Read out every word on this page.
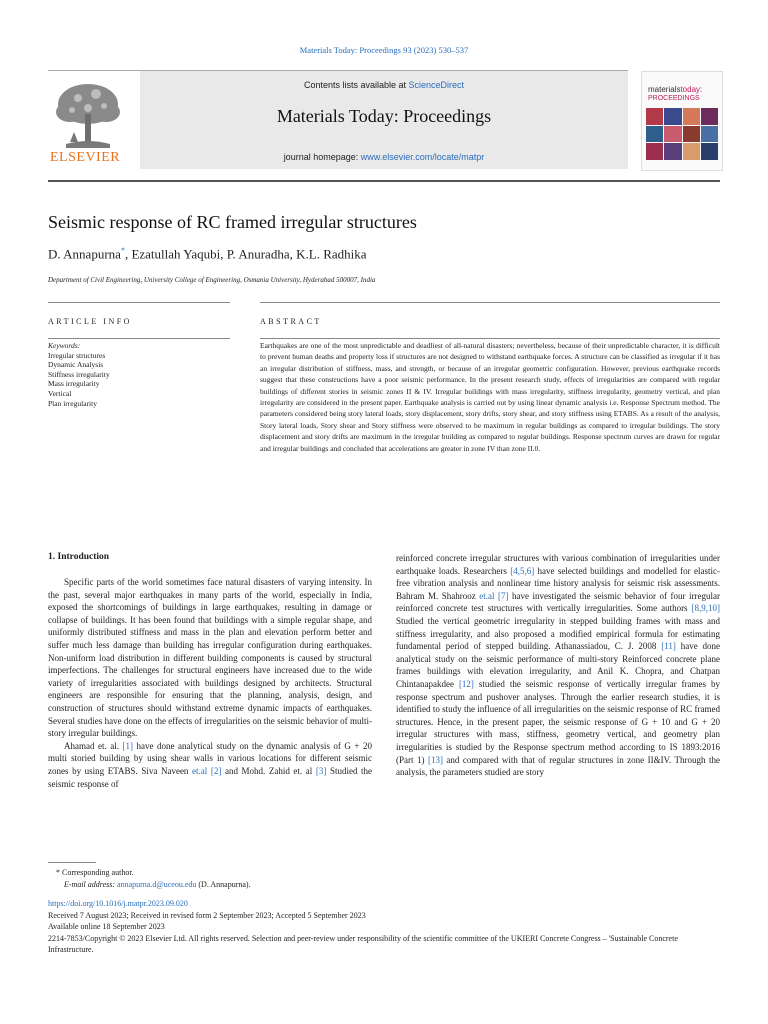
Materials Today: Proceedings 93 (2023) 530–537
ELSEVIER
Contents lists available at ScienceDirect
Materials Today: Proceedings
journal homepage: www.elsevier.com/locate/matpr
materialstoday:
PROCEEDINGS
Seismic response of RC framed irregular structures
D. Annapurna*, Ezatullah Yaqubi, P. Anuradha, K.L. Radhika
Department of Civil Engineering, University College of Engineering, Osmania University, Hyderabad 500007, India
ARTICLE INFO	ABSTRACT
Keywords:
Irregular structures
Dynamic Analysis
Stiffness irregularity
Mass irregularity
Vertical
Plan irregularity
Earthquakes are one of the most unpredictable and deadliest of all-natural disasters; nevertheless, because of their unpredictable character, it is difficult to prevent human deaths and property loss if structures are not designed to withstand earthquake forces. A structure can be classified as irregular if it has an irregular distribution of stiffness, mass, and strength, or because of an irregular geometric configuration. However, previous earthquake records suggest that these constructions have a poor seismic performance. In the present research study, effects of irregularities are compared with regular buildings of different stories in seismic zones II & IV. Irregular buildings with mass irregularity, stiffness irregularity, geometry vertical, and plan irregularity are considered in the present paper. Earthquake analysis is carried out by using linear dynamic analysis i.e. Response Spectrum method. The parameters considered being story lateral loads, story displacement, story drifts, story shear, and story stiffness using ETABS. As a result of the analysis, Story lateral loads, Story shear and Story stiffness were observed to be maximum in regular buildings as compared to irregular buildings. The story displacement and story drifts are maximum in the irregular building as compared to regular buildings. Response spectrum curves are drawn for regular and irregular buildings and concluded that accelerations are greater in zone IV than zone II.0.
1. Introduction

Specific parts of the world sometimes face natural disasters of varying intensity. In the past, several major earthquakes in many parts of the world, especially in India, exposed the shortcomings of buildings in large earthquakes, resulting in damage or collapse of buildings. It has been found that buildings with a simple regular shape, and uniformly distributed stiffness and mass in the plan and elevation perform better and suffer much less damage than building has irregular configuration during earthquakes. Non-uniform load distribution in different building components is caused by structural imperfections. The challenges for structural engineers have increased due to the wide variety of irregularities associated with buildings designed by architects. Structural engineers are responsible for ensuring that the planning, analysis, design, and construction of structures should withstand extreme dynamic impacts of earthquakes. Several studies have done on the effects of irregularities on the seismic behavior of multi-story irregular buildings.

Ahamad et. al. [1] have done analytical study on the dynamic analysis of G + 20 multi storied building by using shear walls in various locations for different seismic zones by using ETABS. Siva Naveen et.al [2] and Mohd. Zahid et. al [3] Studied the seismic response of

reinforced concrete irregular structures with various combination of irregularities under earthquake loads. Researchers [4,5,6] have selected buildings and modelled for elastic-free vibration analysis and nonlinear time history analysis for seismic risk assessments. Bahram M. Shahrooz et.al [7] have investigated the seismic behavior of four irregular reinforced concrete test structures with vertically irregularities. Some authors [8,9,10] Studied the vertical geometric irregularity in stepped building frames with mass and stiffness irregularity, and also proposed a modified empirical formula for estimating fundamental period of stepped building. Athanassiadou, C. J. 2008 [11] have done analytical study on the seismic performance of multi-story Reinforced concrete plane frames buildings with elevation irregularity, and Anil K. Chopra, and Chatpan Chintanapakdee [12] studied the seismic response of vertically irregular frames by response spectrum and pushover analyses. Through the earlier research studies, it is identified to study the influence of all irregularities on the seismic response of RC framed structures. Hence, in the present paper, the seismic response of G + 10 and G + 20 irregular structures with mass, stiffness, geometry vertical, and geometry plan irregularities is studied by the Response spectrum method according to IS 1893:2016 (Part 1) [13] and compared with that of regular structures in zone II&IV. Through the analysis, the parameters studied are story

* Corresponding author.
E-mail address: annapurna.d@uceou.edu (D. Annapurna).
https://doi.org/10.1016/j.matpr.2023.09.020
Received 7 August 2023; Received in revised form 2 September 2023; Accepted 5 September 2023
Available online 18 September 2023
2214-7853/Copyright © 2023 Elsevier Ltd. All rights reserved. Selection and peer-review under responsibility of the scientific committee of the UKIERI Concrete Congress – 'Sustainable Concrete Infrastructure.
